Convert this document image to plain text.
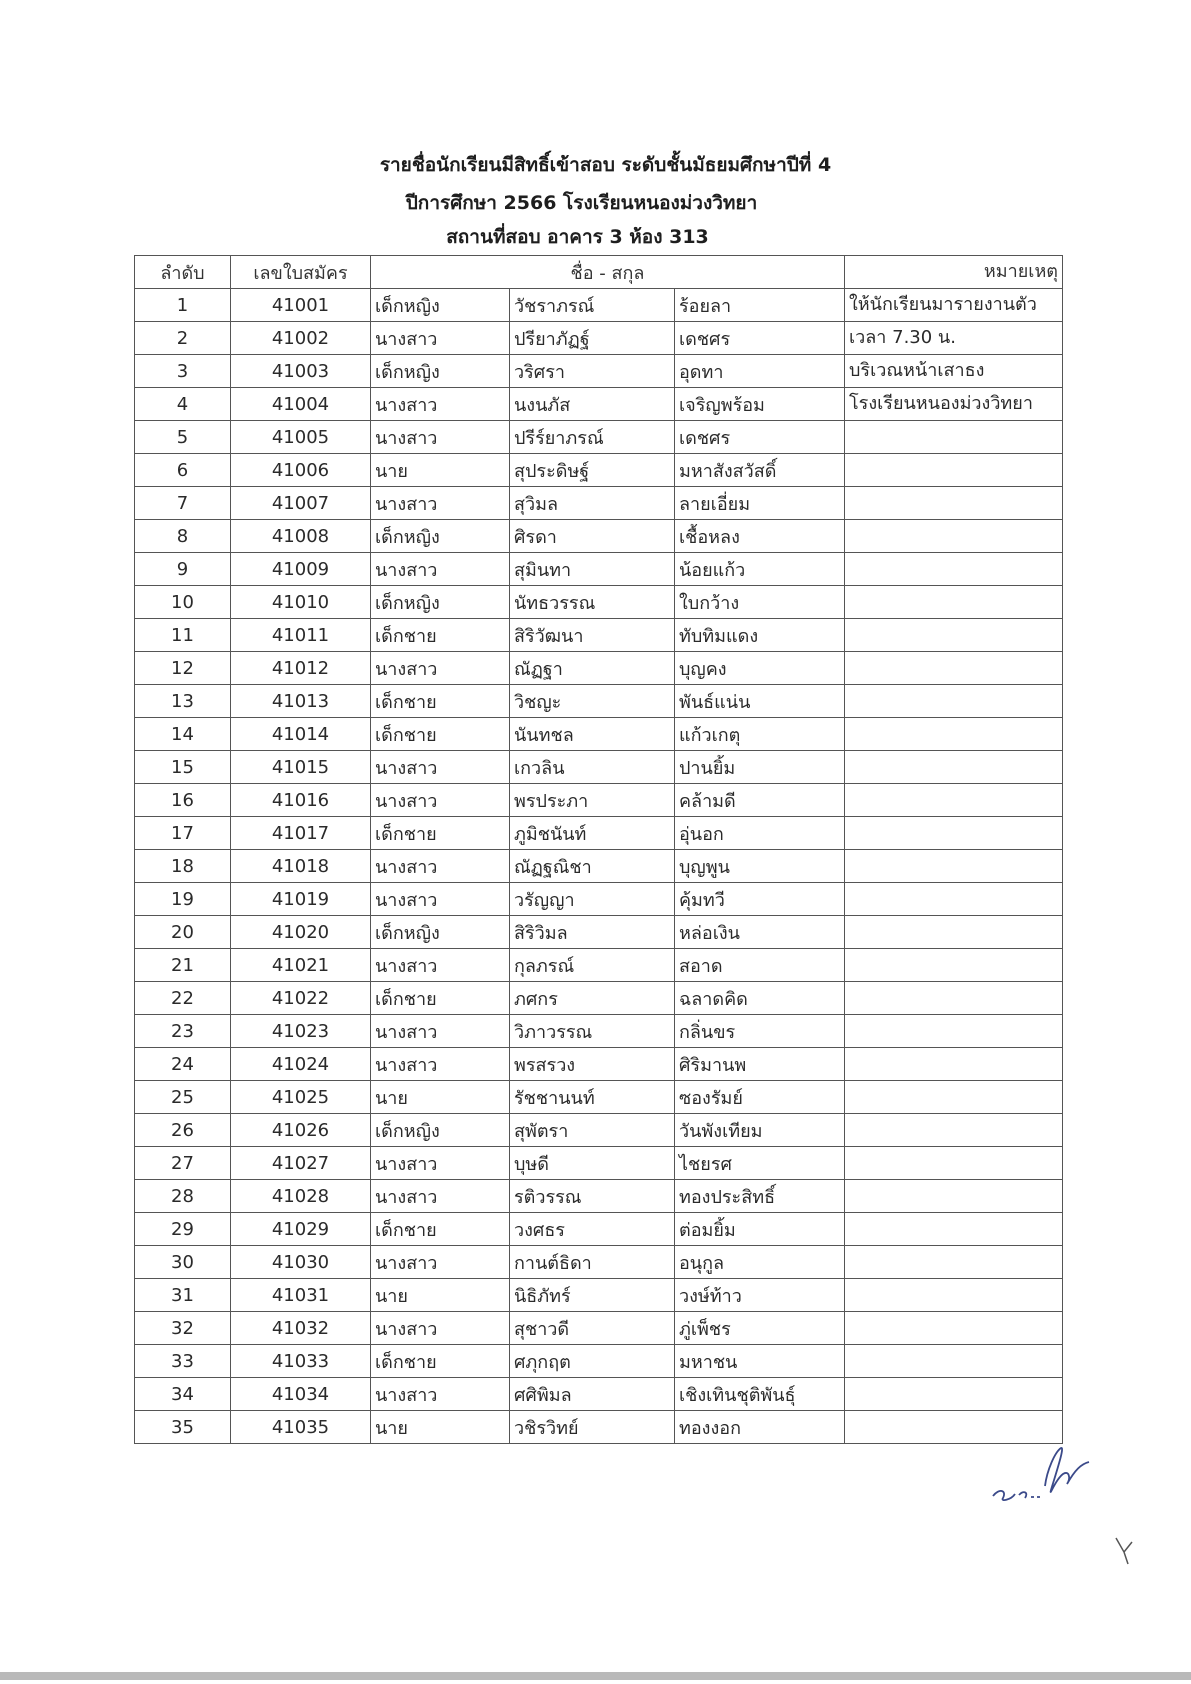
รายชื่อนักเรียนมีสิทธิ์เข้าสอบ ระดับชั้นมัธยมศึกษาปีที่ 4
ปีการศึกษา 2566 โรงเรียนหนองม่วงวิทยา
สถานที่สอบ อาคาร 3 ห้อง 313
ลำดับ	เลขใบสมัคร	ชื่อ - สกุล			หมายเหตุ
1	41001	เด็กหญิง	วัชราภรณ์	ร้อยลา	ให้นักเรียนมารายงานตัว
2	41002	นางสาว	ปรียาภัฏฐ์	เดชศร	เวลา 7.30 น.
3	41003	เด็กหญิง	วริศรา	อุดทา	บริเวณหน้าเสาธง
4	41004	นางสาว	นงนภัส	เจริญพร้อม	โรงเรียนหนองม่วงวิทยา
5	41005	นางสาว	ปรีร์ยาภรณ์	เดชศร	
6	41006	นาย	สุประดิษฐ์	มหาสังสวัสดิ์	
7	41007	นางสาว	สุวิมล	ลายเอี่ยม	
8	41008	เด็กหญิง	ศิรดา	เชื้อหลง	
9	41009	นางสาว	สุมินทา	น้อยแก้ว	
10	41010	เด็กหญิง	นัทธวรรณ	ใบกว้าง	
11	41011	เด็กชาย	สิริวัฒนา	ทับทิมแดง	
12	41012	นางสาว	ณัฏฐา	บุญคง	
13	41013	เด็กชาย	วิชญะ	พันธ์แน่น	
14	41014	เด็กชาย	นันทชล	แก้วเกตุ	
15	41015	นางสาว	เกวลิน	ปานยิ้ม	
16	41016	นางสาว	พรประภา	คล้ามดี	
17	41017	เด็กชาย	ภูมิชนันท์	อุ่นอก	
18	41018	นางสาว	ณัฏฐณิชา	บุญพูน	
19	41019	นางสาว	วรัญญา	คุ้มทวี	
20	41020	เด็กหญิง	สิริวิมล	หล่อเงิน	
21	41021	นางสาว	กุลภรณ์	สอาด	
22	41022	เด็กชาย	ภศกร	ฉลาดคิด	
23	41023	นางสาว	วิภาวรรณ	กลิ่นขร	
24	41024	นางสาว	พรสรวง	ศิริมานพ	
25	41025	นาย	รัชชานนท์	ซองรัมย์	
26	41026	เด็กหญิง	สุพัตรา	วันพังเทียม	
27	41027	นางสาว	บุษดี	ไชยรศ	
28	41028	นางสาว	รติวรรณ	ทองประสิทธิ์	
29	41029	เด็กชาย	วงศธร	ต่อมยิ้ม	
30	41030	นางสาว	กานต์ธิดา	อนุกูล	
31	41031	นาย	นิธิภัทร์	วงษ์ท้าว	
32	41032	นางสาว	สุชาวดี	ภู่เพ็ชร	
33	41033	เด็กชาย	ศภุกฤต	มหาชน	
34	41034	นางสาว	ศศิพิมล	เชิงเทินชุติพันธุ์	
35	41035	นาย	วชิรวิทย์	ทองงอก	
